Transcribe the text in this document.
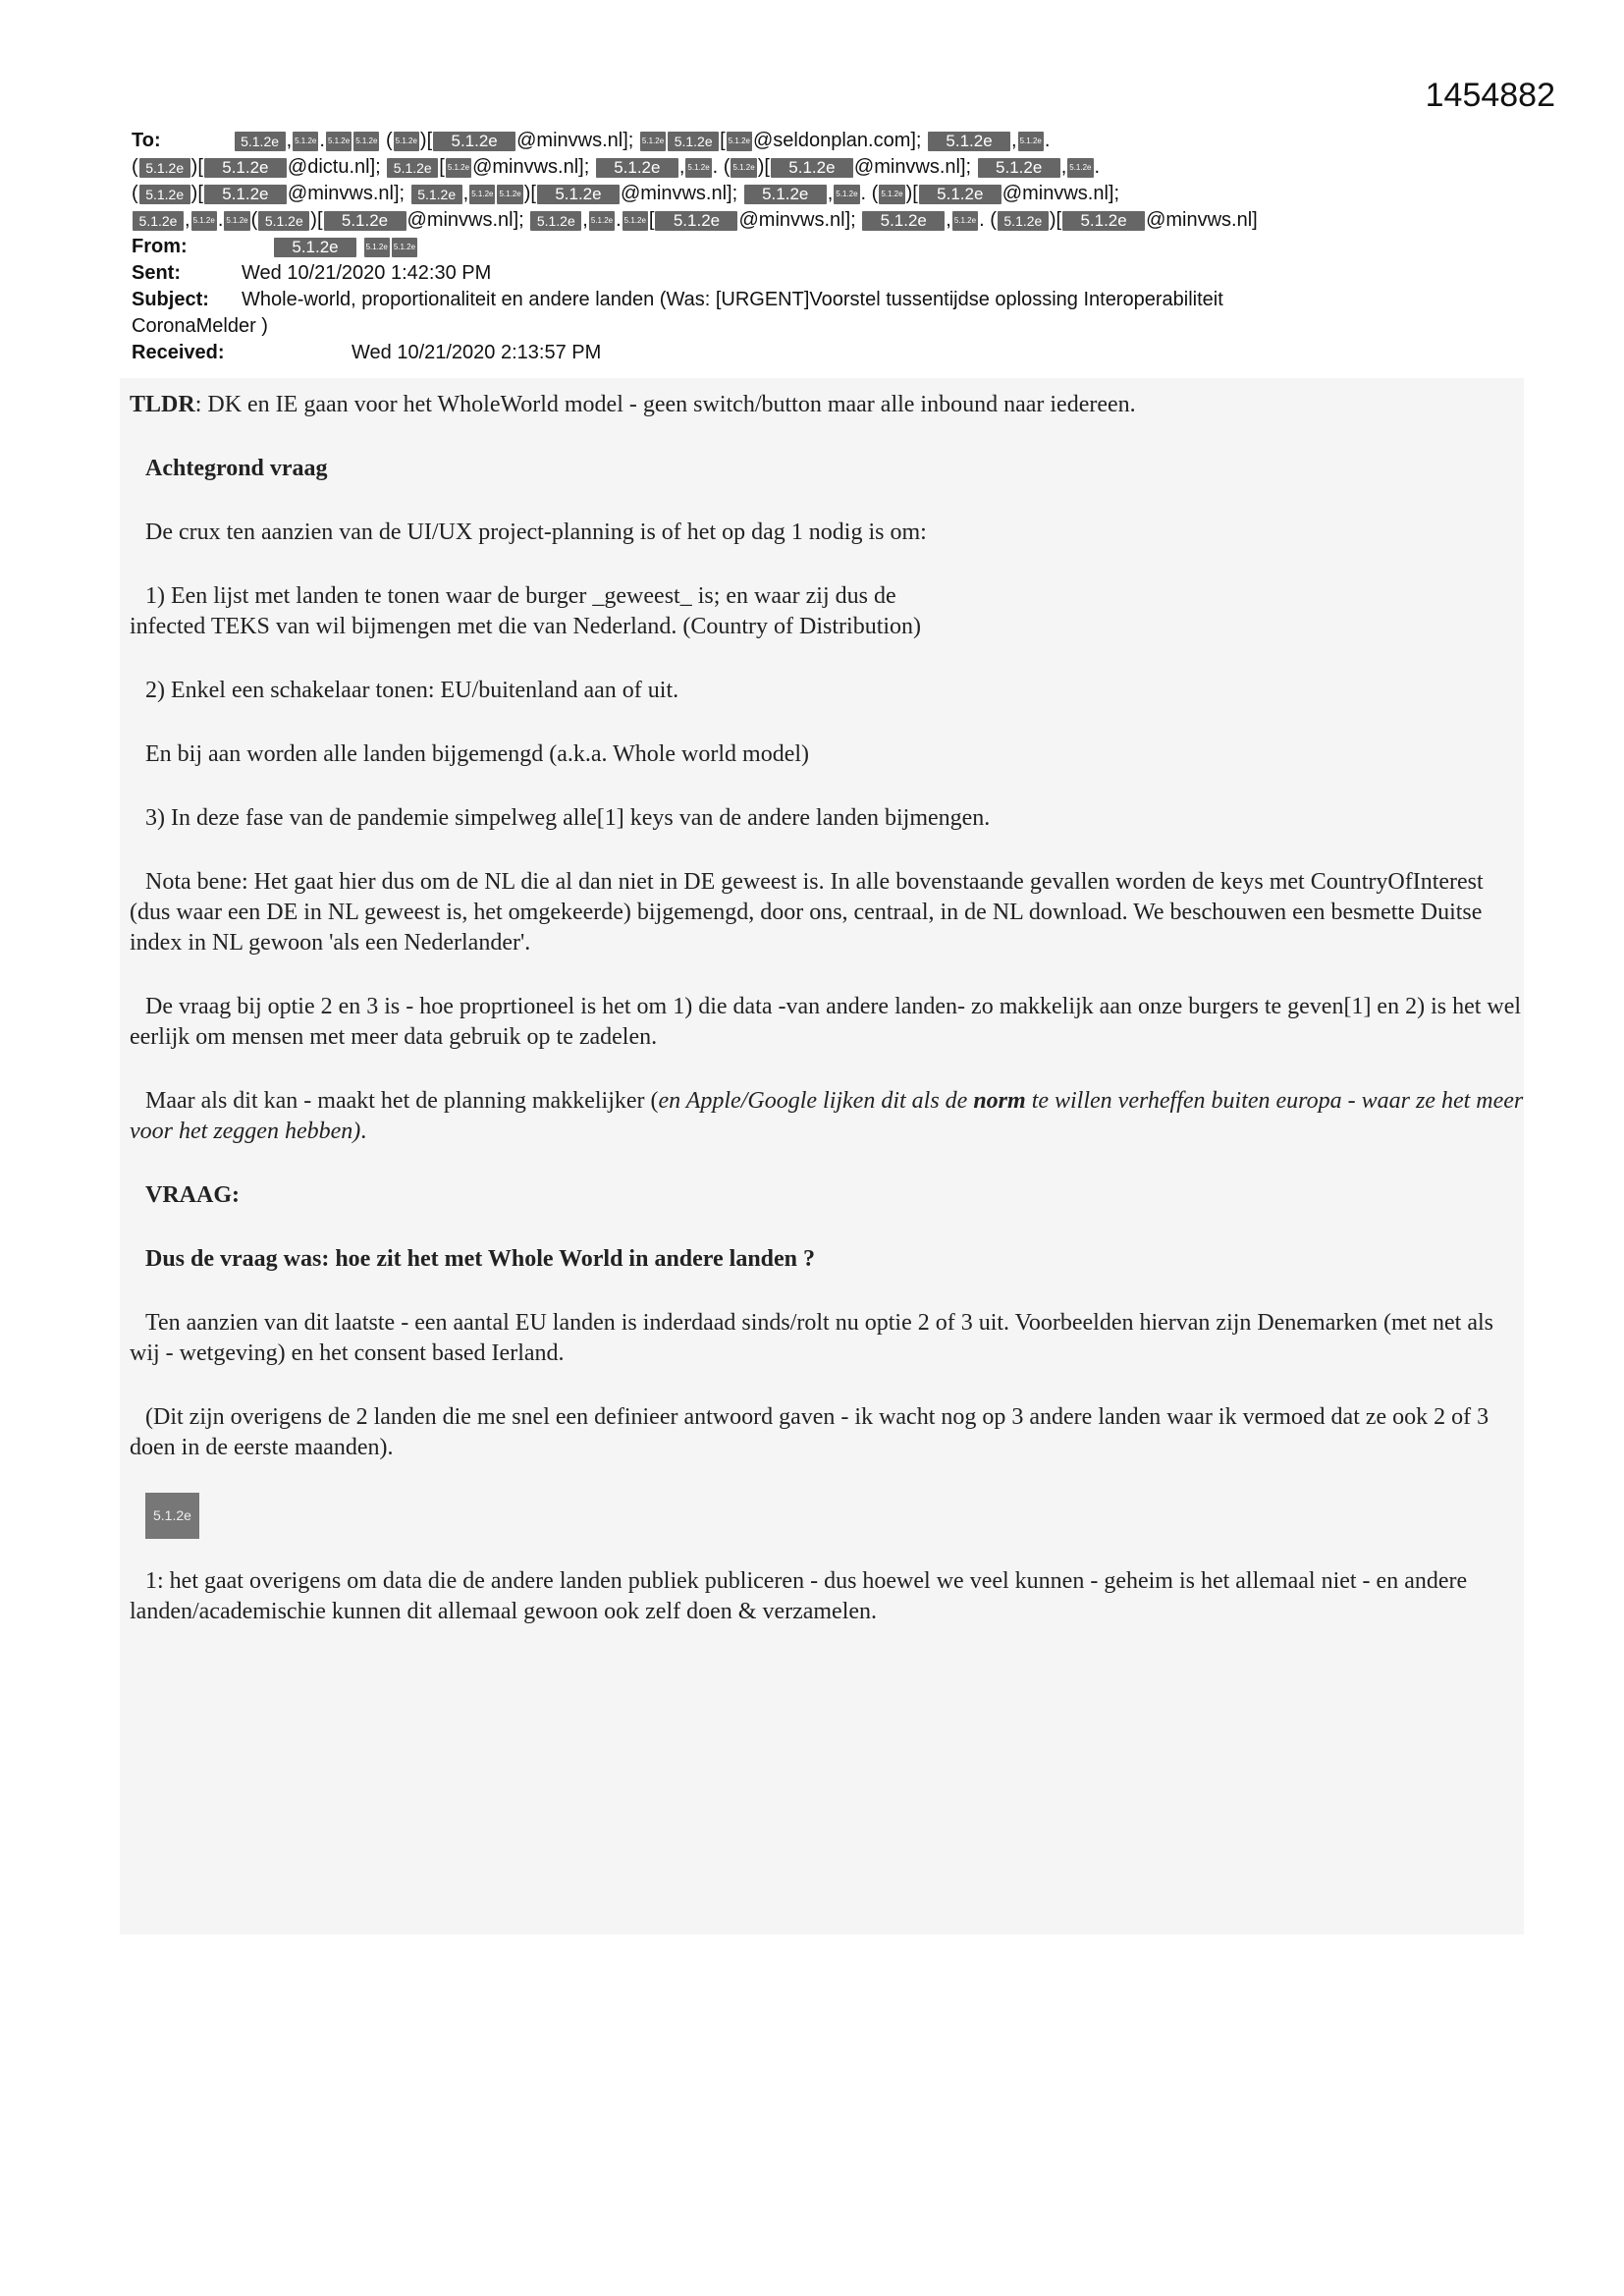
1454882
To:	5.1.2e , 5.1.2e . 5.1.2e 5.1.2e ( 5.1.2e )[ 5.1.2e @minvws.nl]; 5.1.2e 5.1.2e [ 5.1.2e @seldonplan.com]; 5.1.2e , 5.1.2e .
( 5.1.2e )[ 5.1.2e @dictu.nl]; 5.1.2e [ 5.1.2e @minvws.nl]; 5.1.2e , 5.1.2e . ( 5.1.2e )[ 5.1.2e @minvws.nl]; 5.1.2e , 5.1.2e .
( 5.1.2e )[ 5.1.2e @minvws.nl]; 5.1.2e , 5.1.2e 5.1.2e )[ 5.1.2e @minvws.nl]; 5.1.2e , 5.1.2e . ( 5.1.2e )[ 5.1.2e @minvws.nl];
5.1.2e , 5.1.2e . 5.1.2e ( 5.1.2e )[ 5.1.2e @minvws.nl]; 5.1.2e , 5.1.2e . 5.1.2e [ 5.1.2e @minvws.nl]; 5.1.2e , 5.1.2e . ( 5.1.2e )[ 5.1.2e @minvws.nl]
From:	5.1.2e	5.1.2e 5.1.2e
Sent:	Wed 10/21/2020 1:42:30 PM
Subject: Whole-world, proportionaliteit en andere landen (Was: [URGENT]Voorstel tussentijdse oplossing Interoperabiliteit
CoronaMelder )
Received:	Wed 10/21/2020 2:13:57 PM

TLDR: DK en IE gaan voor het WholeWorld model - geen switch/button maar alle inbound naar iedereen.

Achtegrond vraag

De crux ten aanzien van de UI/UX project-planning is of het op dag 1 nodig is om:

1) Een lijst met landen te tonen waar de burger _geweest_ is; en waar zij dus de
infected TEKS van wil bijmengen met die van Nederland. (Country of Distribution)

2) Enkel een schakelaar tonen: EU/buitenland aan of uit.

En bij aan worden alle landen bijgemengd (a.k.a. Whole world model)

3) In deze fase van de pandemie simpelweg alle[1] keys van de andere landen bijmengen.

Nota bene: Het gaat hier dus om de NL die al dan niet in DE geweest is. In alle bovenstaande gevallen worden de keys met CountryOfInterest (dus waar een DE in NL geweest is, het omgekeerde) bijgemengd, door ons, centraal, in de NL download. We beschouwen een besmette Duitse index in NL gewoon 'als een Nederlander'.

De vraag bij optie 2 en 3 is - hoe proprtioneel is het om 1) die data -van andere landen- zo makkelijk aan onze burgers te geven[1] en 2) is het wel eerlijk om mensen met meer data gebruik op te zadelen.

Maar als dit kan - maakt het de planning makkelijker (en Apple/Google lijken dit als de norm te willen verheffen buiten europa - waar ze het meer voor het zeggen hebben).

VRAAG:
Dus de vraag was: hoe zit het met Whole World in andere landen ?

Ten aanzien van dit laatste - een aantal EU landen is inderdaad sinds/rolt nu optie 2 of 3 uit. Voorbeelden hiervan zijn Denemarken (met net als wij - wetgeving) en het consent based Ierland.

(Dit zijn overigens de 2 landen die me snel een definieer antwoord gaven - ik wacht nog op 3 andere landen waar ik vermoed dat ze ook 2 of 3 doen in de eerste maanden).

5.1.2e

1: het gaat overigens om data die de andere landen publiek publiceren - dus hoewel we veel kunnen - geheim is het allemaal niet - en andere landen/academischie kunnen dit allemaal gewoon ook zelf doen & verzamelen.
